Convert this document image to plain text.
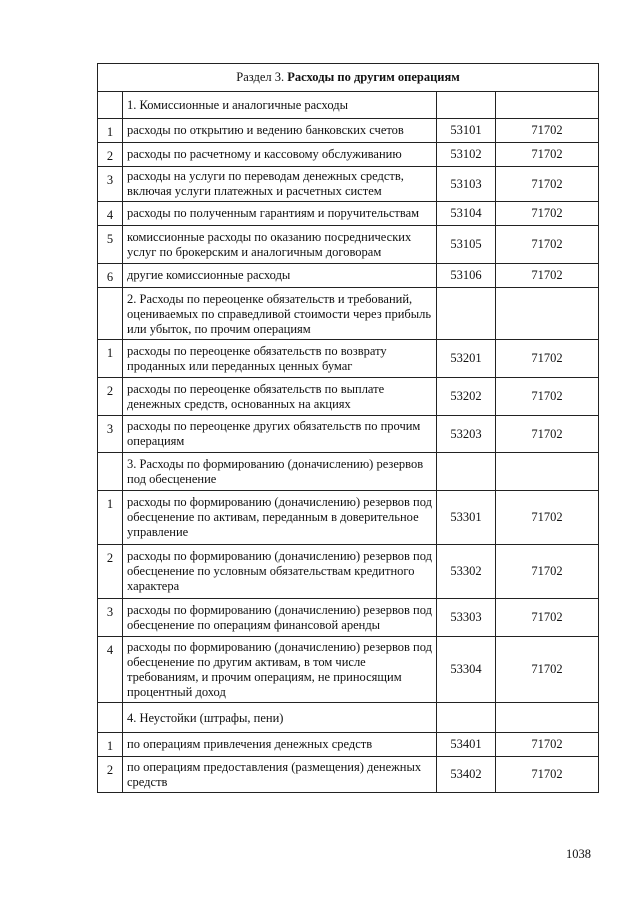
Раздел 3. Расходы по другим операциям			
	1. Комиссионные и аналогичные расходы		
1	расходы по открытию и ведению банковских счетов	53101	71702
2	расходы по расчетному и кассовому обслуживанию	53102	71702
3	расходы на услуги по переводам денежных средств, включая услуги платежных и расчетных систем	53103	71702
4	расходы по полученным гарантиям и поручительствам	53104	71702
5	комиссионные расходы по оказанию посреднических услуг по брокерским и аналогичным договорам	53105	71702
6	другие комиссионные расходы	53106	71702
	2. Расходы по переоценке обязательств и требований, оцениваемых по справедливой стоимости через прибыль или убыток, по прочим операциям		
1	расходы по переоценке обязательств по возврату проданных или переданных ценных бумаг	53201	71702
2	расходы по переоценке обязательств по выплате денежных средств, основанных на акциях	53202	71702
3	расходы по переоценке других обязательств по прочим операциям	53203	71702
	3. Расходы по формированию (доначислению) резервов под обесценение		
1	расходы по формированию (доначислению) резервов под обесценение по активам, переданным в доверительное управление	53301	71702
2	расходы по формированию (доначислению) резервов под обесценение по условным обязательствам кредитного характера	53302	71702
3	расходы по формированию (доначислению) резервов под обесценение по операциям финансовой аренды	53303	71702
4	расходы по формированию (доначислению) резервов под обесценение по другим активам, в том числе требованиям, и прочим операциям, не приносящим процентный доход	53304	71702
	4. Неустойки (штрафы, пени)		
1	по операциям привлечения денежных средств	53401	71702
2	по операциям предоставления (размещения) денежных средств	53402	71702
1038
